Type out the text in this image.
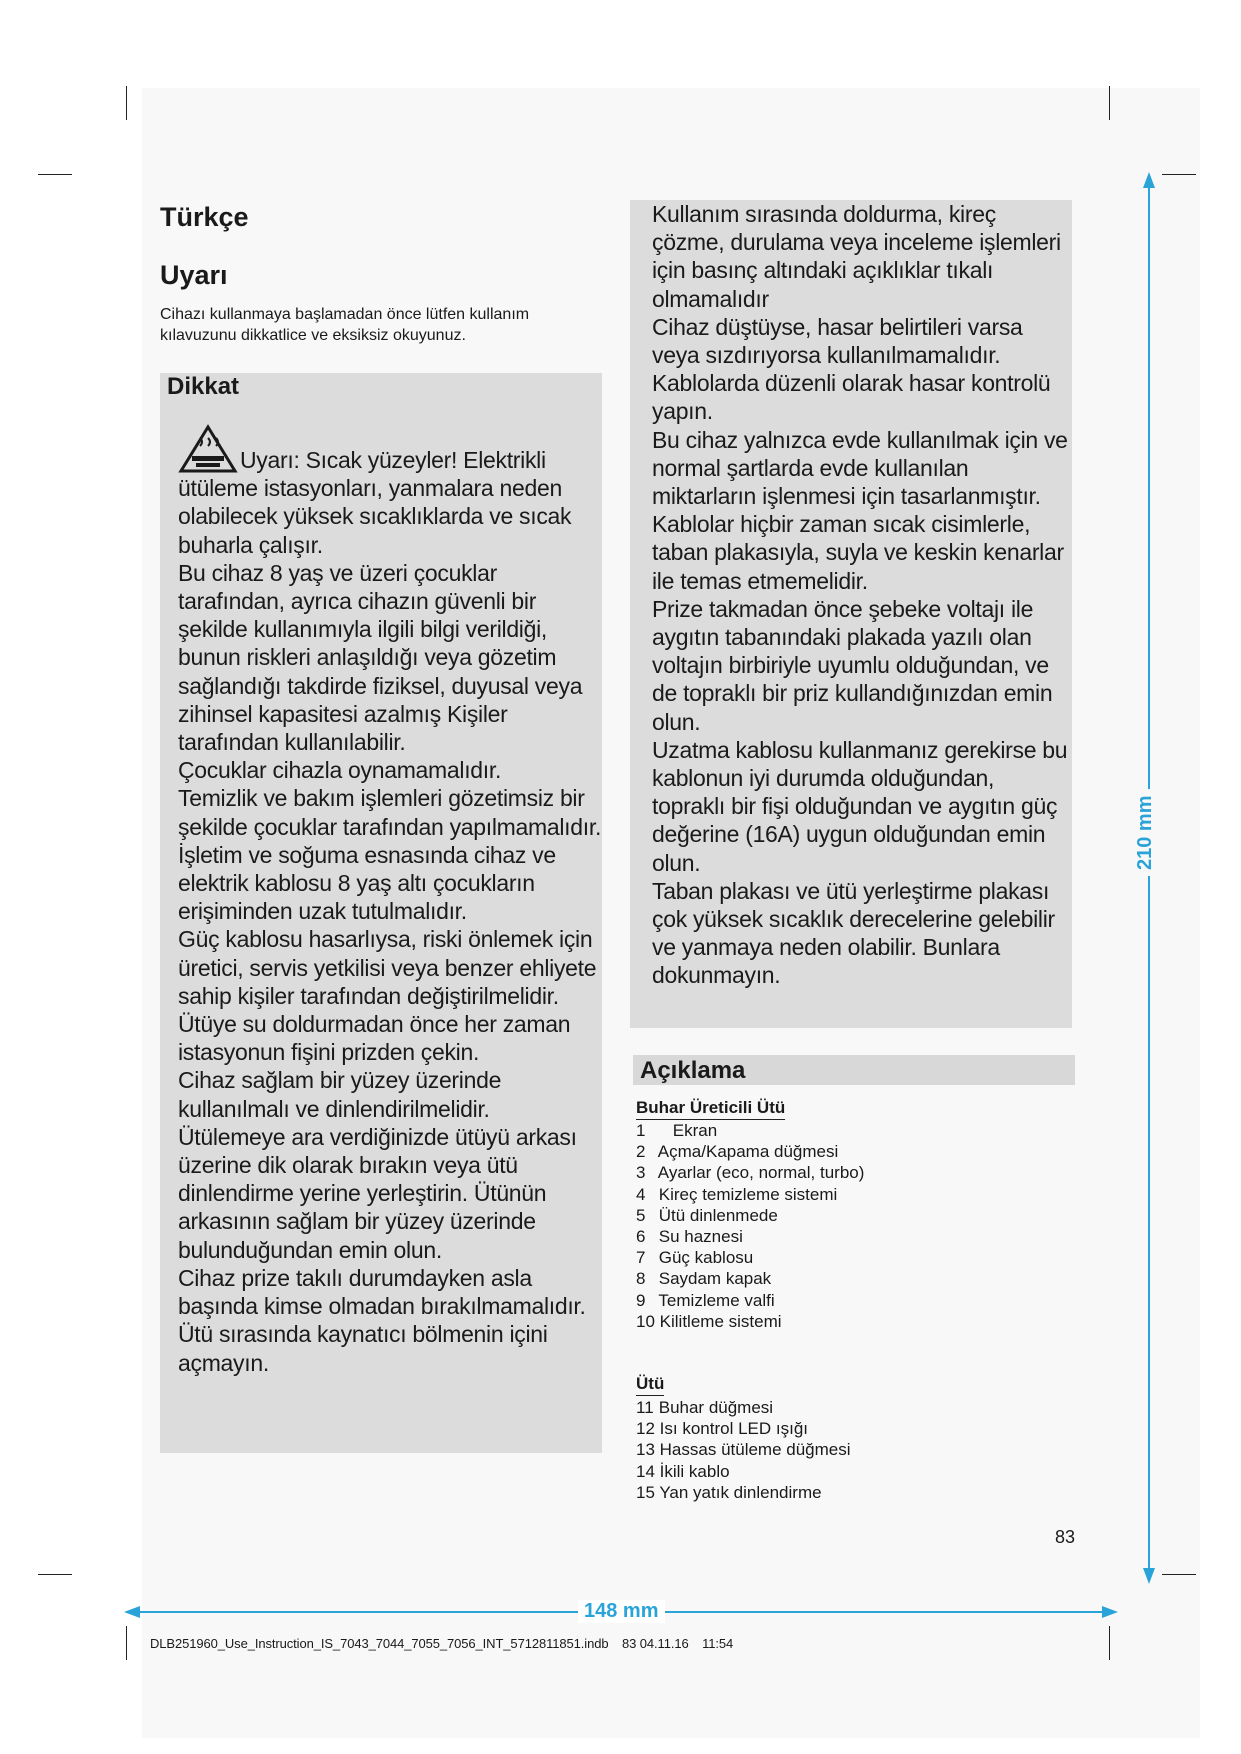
Türkçe
Uyarı

Cihazı kullanmaya başlamadan önce lütfen kullanım kılavuzunu dikkatlice ve eksiksiz okuyunuz.

Dikkat

Uyarı: Sıcak yüzeyler! Elektrikli ütüleme istasyonları, yanmalara neden olabilecek yüksek sıcaklıklarda ve sıcak buharla çalışır.

Bu cihaz 8 yaş ve üzeri çocuklar tarafından, ayrıca cihazın güvenli bir şekilde kullanımıyla ilgili bilgi verildiği, bunun riskleri anlaşıldığı veya gözetim sağlandığı takdirde fiziksel, duyusal veya zihinsel kapasitesi azalmış Kişiler tarafından kullanılabilir.

Çocuklar cihazla oynamamalıdır.

Temizlik ve bakım işlemleri gözetimsiz bir şekilde çocuklar tarafından yapılmamalıdır.

İşletim ve soğuma esnasında cihaz ve elektrik kablosu 8 yaş altı çocukların erişiminden uzak tutulmalıdır.

Güç kablosu hasarlıysa, riski önlemek için üretici, servis yetkilisi veya benzer ehliyete sahip kişiler tarafından değiştirilmelidir.

Ütüye su doldurmadan önce her zaman istasyonun fişini prizden çekin.

Cihaz sağlam bir yüzey üzerinde kullanılmalı ve dinlendirilmelidir.

Ütülemeye ara verdiğinizde ütüyü arkası üzerine dik olarak bırakın veya ütü dinlendirme yerine yerleştirin. Ütünün arkasının sağlam bir yüzey üzerinde bulunduğundan emin olun.

Cihaz prize takılı durumdayken asla başında kimse olmadan bırakılmamalıdır.

Ütü sırasında kaynatıcı bölmenin içini açmayın.

Kullanım sırasında doldurma, kireç çözme, durulama veya inceleme işlemleri için basınç altındaki açıklıklar tıkalı olmamalıdır

Cihaz düştüyse, hasar belirtileri varsa veya sızdırıyorsa kullanılmamalıdır. Kablolarda düzenli olarak hasar kontrolü yapın.

Bu cihaz yalnızca evde kullanılmak için ve normal şartlarda evde kullanılan miktarların işlenmesi için tasarlanmıştır.

Kablolar hiçbir zaman sıcak cisimlerle, taban plakasıyla, suyla ve keskin kenarlar ile temas etmemelidir.

Prize takmadan önce şebeke voltajı ile aygıtın tabanındaki plakada yazılı olan voltajın birbiriyle uyumlu olduğundan, ve de topraklı bir priz kullandığınızdan emin olun.

Uzatma kablosu kullanmanız gerekirse bu kablonun iyi durumda olduğundan, topraklı bir fişi olduğundan ve aygıtın güç değerine (16A) uygun olduğundan emin olun.

Taban plakası ve ütü yerleştirme plakası çok yüksek sıcaklık derecelerine gelebilir ve yanmaya neden olabilir. Bunlara dokunmayın.

Açıklama
Buhar Üreticili Ütü
1 Ekran
2 Açma/Kapama düğmesi
3 Ayarlar (eco, normal, turbo)
4 Kireç temizleme sistemi
5 Ütü dinlenmede
6 Su haznesi
7 Güç kablosu
8 Saydam kapak
9 Temizleme valfi
10 Kilitleme sistemi
Ütü
11 Buhar düğmesi
12 Isı kontrol LED ışığı
13 Hassas ütüleme düğmesi
14 İkili kablo
15 Yan yatık dinlendirme
83
210 mm
148 mm
DLB251960_Use_Instruction_IS_7043_7044_7055_7056_INT_5712811851.indb 83 04.11.16 11:54
